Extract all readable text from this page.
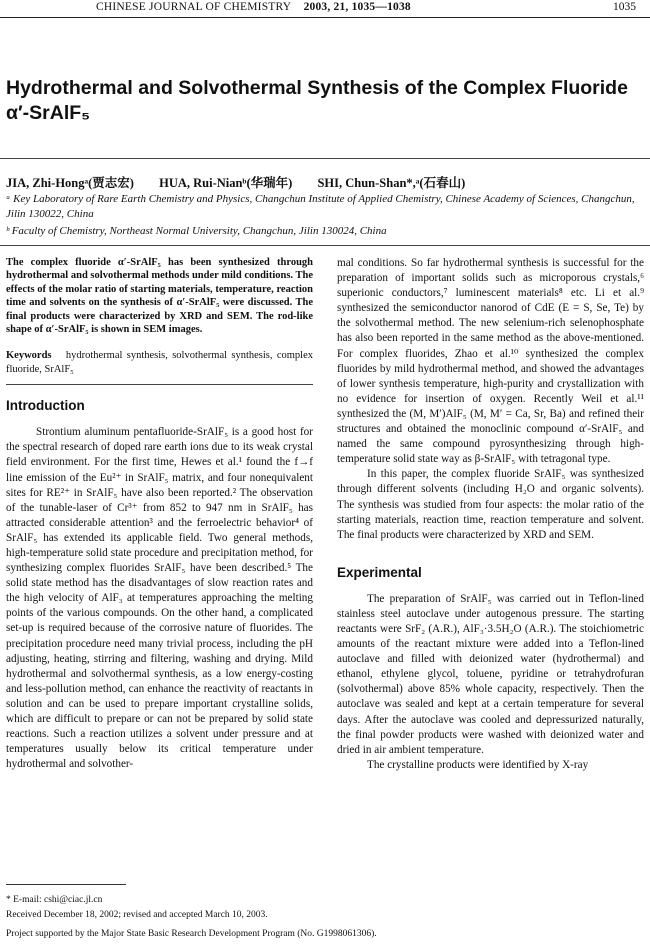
CHINESE JOURNAL OF CHEMISTRY 2003, 21, 1035—1038	1035
Hydrothermal and Solvothermal Synthesis of the Complex Fluoride
α′-SrAlF₅
JIA, Zhi-Hongᵃ(贾志宏) HUA, Rui-Nianᵇ(华瑞年) SHI, Chun-Shan*,ᵃ(石春山)
ᵃ Key Laboratory of Rare Earth Chemistry and Physics, Changchun Institute of Applied Chemistry, Chinese Academy of Sciences, Changchun, Jilin 130022, China
ᵇ Faculty of Chemistry, Northeast Normal University, Changchun, Jilin 130024, China

The complex fluoride α′-SrAlF₅ has been synthesized through hydrothermal and solvothermal methods under mild conditions. The effects of the molar ratio of starting materials, temperature, reaction time and solvents on the synthesis of α′-SrAlF₅ were discussed. The final products were characterized by XRD and SEM. The rod-like shape of α′-SrAlF₅ is shown in SEM images.

Keywords hydrothermal synthesis, solvothermal synthesis, complex fluoride, SrAlF₅
Introduction

Strontium aluminum pentafluoride-SrAlF₅ is a good host for the spectral research of doped rare earth ions due to its weak crystal field environment. For the first time, Hewes et al.¹ found the f→f line emission of the Eu²⁺ in SrAlF₅ matrix, and four nonequivalent sites for RE²⁺ in SrAlF₅ have also been reported.² The observation of the tunable-laser of Cr³⁺ from 852 to 947 nm in SrAlF₅ has attracted considerable attention³ and the ferroelectric behavior⁴ of SrAlF₅ has extended its applicable field. Two general methods, high-temperature solid state procedure and precipitation method, for synthesizing complex fluorides SrAlF₅ have been described.⁵ The solid state method has the disadvantages of slow reaction rates and the high velocity of AlF₃ at temperatures approaching the melting points of the various compounds. On the other hand, a complicated set-up is required because of the corrosive nature of fluorides. The precipitation procedure need many trivial process, including the pH adjusting, heating, stirring and filtering, washing and drying. Mild hydrothermal and solvothermal synthesis, as a low energy-costing and less-pollution method, can enhance the reactivity of reactants in solution and can be used to prepare important crystalline solids, which are difficult to prepare or can not be prepared by solid state reactions. Such a reaction utilizes a solvent under pressure and at temperatures usually below its critical temperature under hydrothermal and solvother-

mal conditions. So far hydrothermal synthesis is successful for the preparation of important solids such as microporous crystals,⁶ superionic conductors,⁷ luminescent materials⁸ etc. Li et al.⁹ synthesized the semiconductor nanorod of CdE (E = S, Se, Te) by the solvothermal method. The new selenium-rich selenophosphate has also been reported in the same method as the above-mentioned. For complex fluorides, Zhao et al.¹⁰ synthesized the complex fluorides by mild hydrothermal method, and showed the advantages of lower synthesis temperature, high-purity and crystallization with no evidence for insertion of oxygen. Recently Weil et al.¹¹ synthesized the (M, M′)AlF₅ (M, M′ = Ca, Sr, Ba) and refined their structures and obtained the monoclinic compound α′-SrAlF₅ and named the same compound pyrosynthesizing through high-temperature solid state way as β-SrAlF₅ with tetragonal type.

In this paper, the complex fluoride SrAlF₅ was synthesized through different solvents (including H₂O and organic solvents). The synthesis was studied from four aspects: the molar ratio of the starting materials, reaction time, reaction temperature and solvent. The final products were characterized by XRD and SEM.

Experimental

The preparation of SrAlF₅ was carried out in Teflon-lined stainless steel autoclave under autogenous pressure. The starting reactants were SrF₂ (A.R.), AlF₃·3.5H₂O (A.R.). The stoichiometric amounts of the reactant mixture were added into a Teflon-lined autoclave and filled with deionized water (hydrothermal) and ethanol, ethylene glycol, toluene, pyridine or tetrahydrofuran (solvothermal) above 85% whole capacity, respectively. Then the autoclave was sealed and kept at a certain temperature for several days. After the autoclave was cooled and depressurized naturally, the final powder products were washed with deionized water and dried in air ambient temperature.

The crystalline products were identified by X-ray

* E-mail: cshi@ciac.jl.cn
Received December 18, 2002; revised and accepted March 10, 2003.
Project supported by the Major State Basic Research Development Program (No. G1998061306).
